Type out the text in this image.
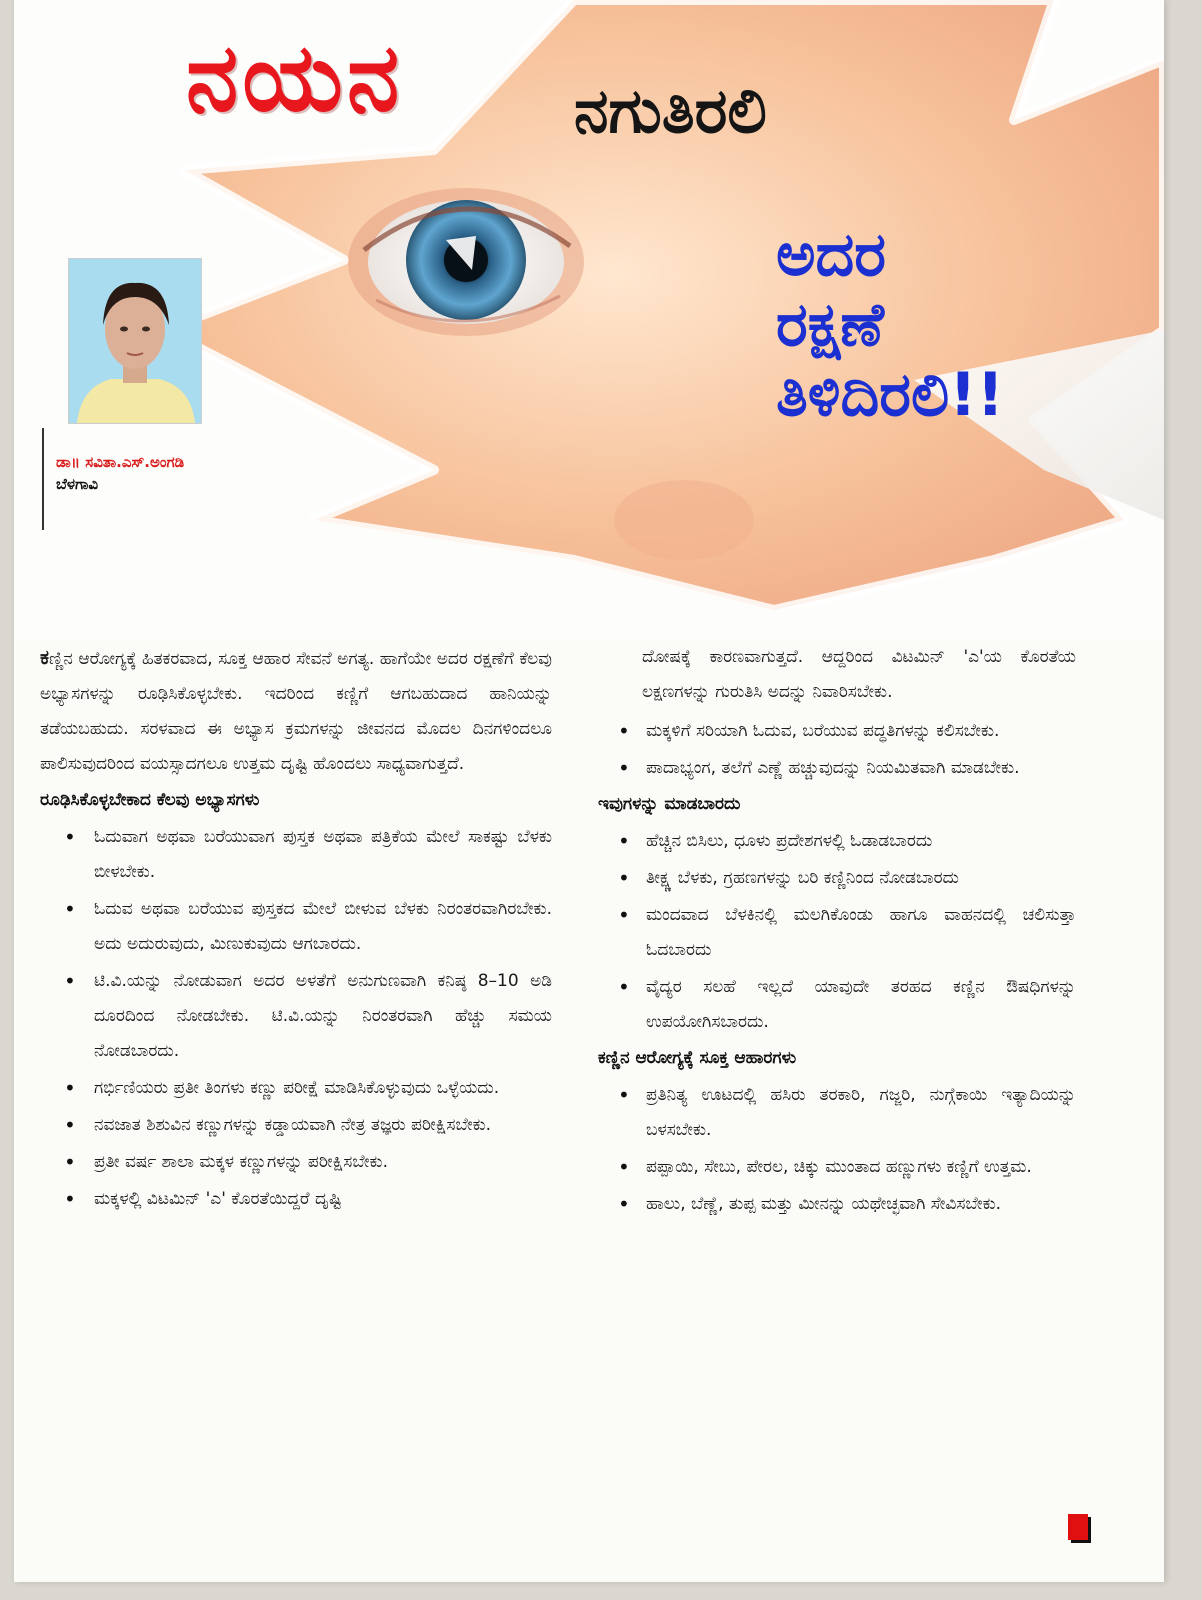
ನಯನ	ನಗುತಿರಲಿ

ಅದರ
ರಕ್ಷಣೆ
ತಿಳಿದಿರಲಿ!!

ಡಾ॥ ಸವಿತಾ.ಎಸ್.ಅಂಗಡಿ

ಬೆಳಗಾವಿ

ಕಣ್ಣಿನ ಆರೋಗ್ಯಕ್ಕೆ ಹಿತಕರವಾದ, ಸೂಕ್ತ ಆಹಾರ ಸೇವನೆ ಅಗತ್ಯ. ಹಾಗೆಯೇ ಅದರ ರಕ್ಷಣೆಗೆ ಕೆಲವು ಅಭ್ಯಾಸಗಳನ್ನು ರೂಢಿಸಿಕೊಳ್ಳಬೇಕು. ಇದರಿಂದ ಕಣ್ಣಿಗೆ ಆಗಬಹುದಾದ ಹಾನಿಯನ್ನು ತಡೆಯಬಹುದು. ಸರಳವಾದ ಈ ಅಭ್ಯಾಸ ಕ್ರಮಗಳನ್ನು ಜೀವನದ ಮೊದಲ ದಿನಗಳಿಂದಲೂ ಪಾಲಿಸುವುದರಿಂದ ವಯಸ್ಸಾದಗಲೂ ಉತ್ತಮ ದೃಷ್ಟಿ ಹೊಂದಲು ಸಾಧ್ಯವಾಗುತ್ತದೆ.

ರೂಢಿಸಿಕೊಳ್ಳಬೇಕಾದ ಕೆಲವು ಅಭ್ಯಾಸಗಳು
• ಓದುವಾಗ ಅಥವಾ ಬರೆಯುವಾಗ ಪುಸ್ತಕ ಅಥವಾ ಪತ್ರಿಕೆಯ ಮೇಲೆ ಸಾಕಷ್ಟು ಬೆಳಕು ಬೀಳಬೇಕು.
• ಓದುವ ಅಥವಾ ಬರೆಯುವ ಪುಸ್ತಕದ ಮೇಲೆ ಬೀಳುವ ಬೆಳಕು ನಿರಂತರವಾಗಿರಬೇಕು. ಅದು ಅದುರುವುದು, ಮಿಣುಕುವುದು ಆಗಬಾರದು.
• ಟಿ.ವಿ.ಯನ್ನು ನೋಡುವಾಗ ಅದರ ಅಳತೆಗೆ ಅನುಗುಣವಾಗಿ ಕನಿಷ್ಠ 8–10 ಅಡಿ ದೂರದಿಂದ ನೋಡಬೇಕು. ಟಿ.ವಿ.ಯನ್ನು ನಿರಂತರವಾಗಿ ಹೆಚ್ಚು ಸಮಯ ನೋಡಬಾರದು.
• ಗರ್ಭಿಣಿಯರು ಪ್ರತೀ ತಿಂಗಳು ಕಣ್ಣು ಪರೀಕ್ಷೆ ಮಾಡಿಸಿಕೊಳ್ಳುವುದು ಒಳ್ಳೆಯದು.
• ನವಜಾತ ಶಿಶುವಿನ ಕಣ್ಣುಗಳನ್ನು ಕಡ್ಡಾಯವಾಗಿ ನೇತ್ರ ತಜ್ಞರು ಪರೀಕ್ಷಿಸಬೇಕು.
• ಪ್ರತೀ ವರ್ಷ ಶಾಲಾ ಮಕ್ಕಳ ಕಣ್ಣುಗಳನ್ನು ಪರೀಕ್ಷಿಸಬೇಕು.
• ಮಕ್ಕಳಲ್ಲಿ ವಿಟಮಿನ್ 'ಎ' ಕೊರತೆಯಿದ್ದರೆ ದೃಷ್ಟಿ

ದೋಷಕ್ಕೆ ಕಾರಣವಾಗುತ್ತದೆ. ಆದ್ದರಿಂದ ವಿಟಮಿನ್ 'ಎ'ಯ ಕೊರತೆಯ ಲಕ್ಷಣಗಳನ್ನು ಗುರುತಿಸಿ ಅದನ್ನು ನಿವಾರಿಸಬೇಕು.

• ಮಕ್ಕಳಿಗೆ ಸರಿಯಾಗಿ ಓದುವ, ಬರೆಯುವ ಪದ್ಧತಿಗಳನ್ನು ಕಲಿಸಬೇಕು.
• ಪಾದಾಭ್ಯಂಗ, ತಲೆಗೆ ಎಣ್ಣೆ ಹಚ್ಚುವುದನ್ನು ನಿಯಮಿತವಾಗಿ ಮಾಡಬೇಕು.
ಇವುಗಳನ್ನು ಮಾಡಬಾರದು
• ಹೆಚ್ಚಿನ ಬಿಸಿಲು, ಧೂಳು ಪ್ರದೇಶಗಳಲ್ಲಿ ಓಡಾಡಬಾರದು
• ತೀಕ್ಷ್ಣ ಬೆಳಕು, ಗ್ರಹಣಗಳನ್ನು ಬರಿ ಕಣ್ಣಿನಿಂದ ನೋಡಬಾರದು
• ಮಂದವಾದ ಬೆಳಕಿನಲ್ಲಿ ಮಲಗಿಕೊಂಡು ಹಾಗೂ ವಾಹನದಲ್ಲಿ ಚಲಿಸುತ್ತಾ ಓದಬಾರದು
• ವೈದ್ಯರ ಸಲಹೆ ಇಲ್ಲದೆ ಯಾವುದೇ ತರಹದ ಕಣ್ಣಿನ ಔಷಧಿಗಳನ್ನು ಉಪಯೋಗಿಸಬಾರದು.
ಕಣ್ಣಿನ ಆರೋಗ್ಯಕ್ಕೆ ಸೂಕ್ತ ಆಹಾರಗಳು
• ಪ್ರತಿನಿತ್ಯ ಊಟದಲ್ಲಿ ಹಸಿರು ತರಕಾರಿ, ಗಜ್ಜರಿ, ನುಗ್ಗೆಕಾಯಿ ಇತ್ಯಾದಿಯನ್ನು ಬಳಸಬೇಕು.
• ಪಪ್ಪಾಯಿ, ಸೇಬು, ಪೇರಲ, ಚಿಕ್ಕು ಮುಂತಾದ ಹಣ್ಣುಗಳು ಕಣ್ಣಿಗೆ ಉತ್ತಮ.
• ಹಾಲು, ಬೆಣ್ಣೆ, ತುಪ್ಪ ಮತ್ತು ಮೀನನ್ನು ಯಥೇಚ್ಛವಾಗಿ ಸೇವಿಸಬೇಕು.
